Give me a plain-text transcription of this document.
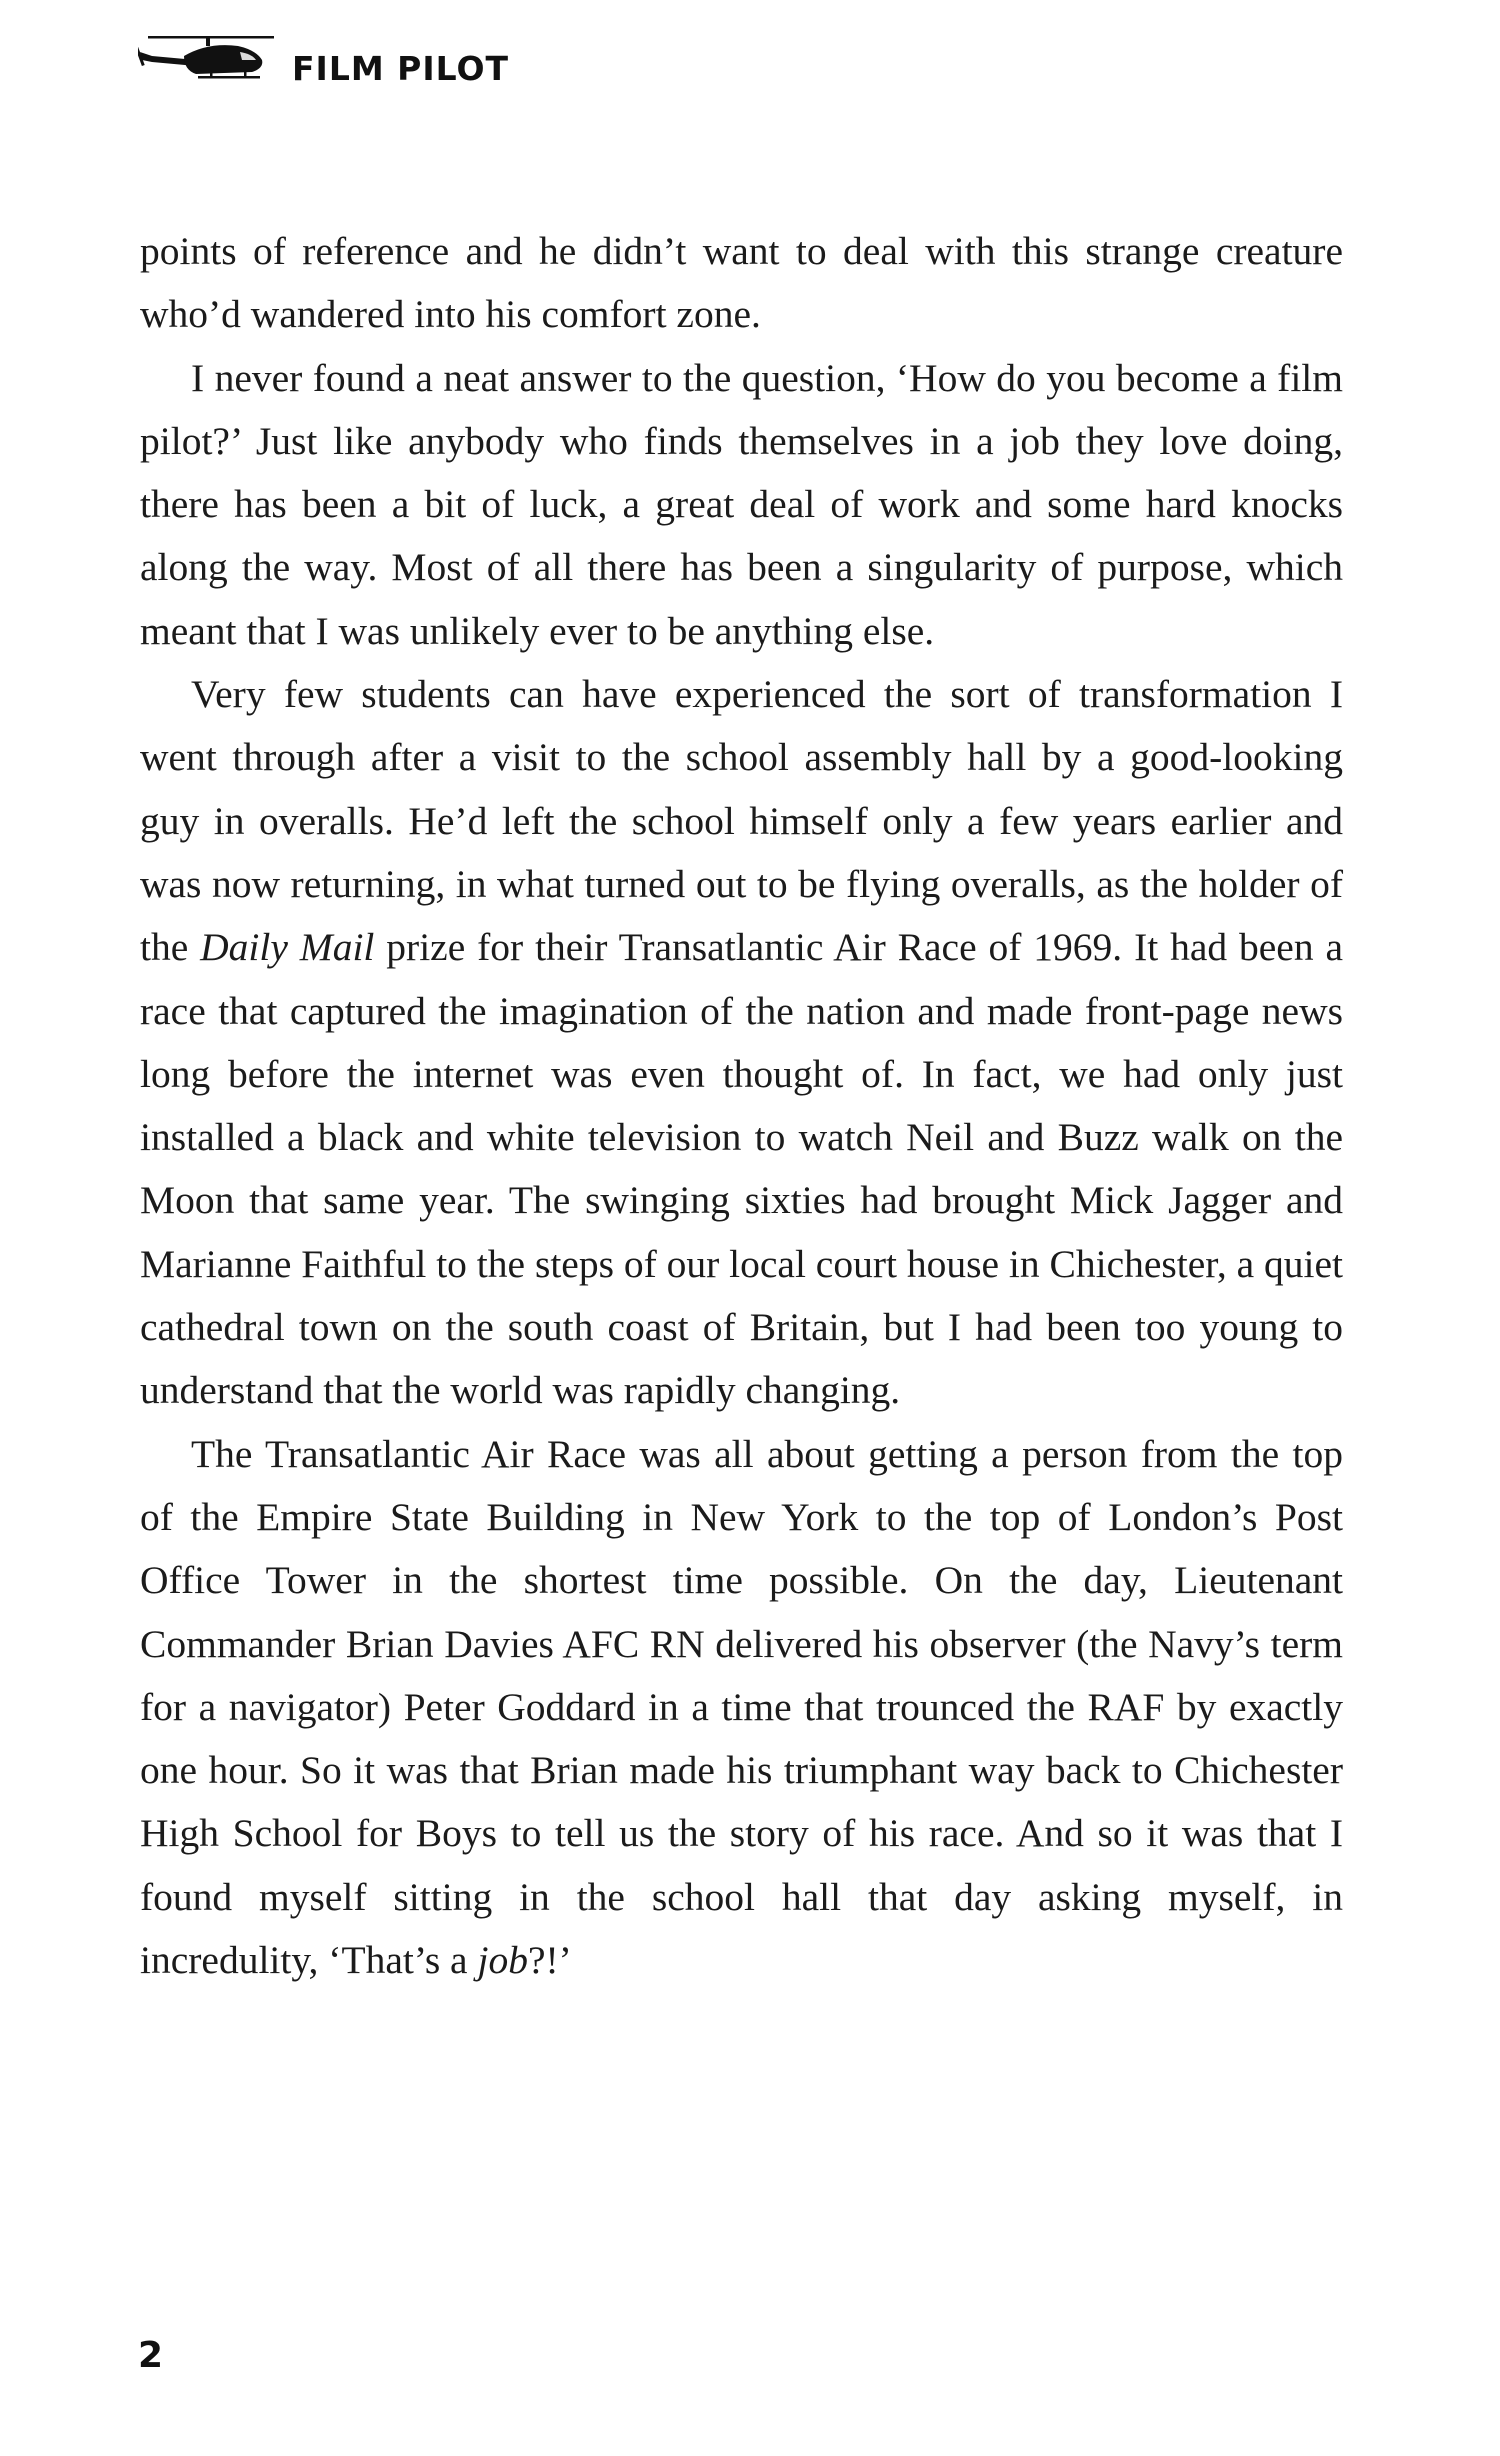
FILM PILOT

points of reference and he didn’t want to deal with this strange creature who’d wandered into his comfort zone.

I never found a neat answer to the question, ‘How do you become a film pilot?’ Just like anybody who finds themselves in a job they love doing, there has been a bit of luck, a great deal of work and some hard knocks along the way. Most of all there has been a singularity of purpose, which meant that I was unlikely ever to be anything else.

Very few students can have experienced the sort of transformation I went through after a visit to the school assembly hall by a good-looking guy in overalls. He’d left the school himself only a few years earlier and was now returning, in what turned out to be flying overalls, as the holder of the Daily Mail prize for their Transatlantic Air Race of 1969. It had been a race that captured the imagination of the nation and made front-page news long before the internet was even thought of. In fact, we had only just installed a black and white television to watch Neil and Buzz walk on the Moon that same year. The swinging sixties had brought Mick Jagger and Marianne Faithful to the steps of our local court house in Chichester, a quiet cathedral town on the south coast of Britain, but I had been too young to understand that the world was rapidly changing.

The Transatlantic Air Race was all about getting a person from the top of the Empire State Building in New York to the top of London’s Post Office Tower in the shortest time possible. On the day, Lieutenant Commander Brian Davies AFC RN delivered his observer (the Navy’s term for a navigator) Peter Goddard in a time that trounced the RAF by exactly one hour. So it was that Brian made his triumphant way back to Chichester High School for Boys to tell us the story of his race. And so it was that I found myself sitting in the school hall that day asking myself, in incredulity, ‘That’s a job?!’

2
